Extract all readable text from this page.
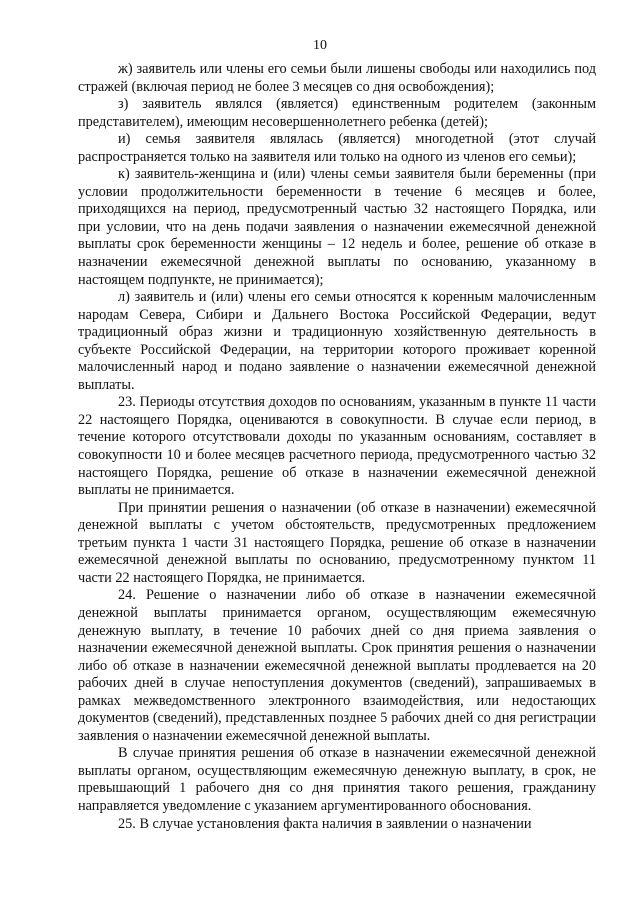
10

ж) заявитель или члены его семьи были лишены свободы или находились под стражей (включая период не более 3 месяцев со дня освобождения);

з) заявитель являлся (является) единственным родителем (законным представителем), имеющим несовершеннолетнего ребенка (детей);

и) семья заявителя являлась (является) многодетной (этот случай распространяется только на заявителя или только на одного из членов его семьи);

к) заявитель-женщина и (или) члены семьи заявителя были беременны (при условии продолжительности беременности в течение 6 месяцев и более, приходящихся на период, предусмотренный частью 32 настоящего Порядка, или при условии, что на день подачи заявления о назначении ежемесячной денежной выплаты срок беременности женщины – 12 недель и более, решение об отказе в назначении ежемесячной денежной выплаты по основанию, указанному в настоящем подпункте, не принимается);

л) заявитель и (или) члены его семьи относятся к коренным малочисленным народам Севера, Сибири и Дальнего Востока Российской Федерации, ведут традиционный образ жизни и традиционную хозяйственную деятельность в субъекте Российской Федерации, на территории которого проживает коренной малочисленный народ и подано заявление о назначении ежемесячной денежной выплаты.

23. Периоды отсутствия доходов по основаниям, указанным в пункте 11 части 22 настоящего Порядка, оцениваются в совокупности. В случае если период, в течение которого отсутствовали доходы по указанным основаниям, составляет в совокупности 10 и более месяцев расчетного периода, предусмотренного частью 32 настоящего Порядка, решение об отказе в назначении ежемесячной денежной выплаты не принимается.

При принятии решения о назначении (об отказе в назначении) ежемесячной денежной выплаты с учетом обстоятельств, предусмотренных предложением третьим пункта 1 части 31 настоящего Порядка, решение об отказе в назначении ежемесячной денежной выплаты по основанию, предусмотренному пунктом 11 части 22 настоящего Порядка, не принимается.

24. Решение о назначении либо об отказе в назначении ежемесячной денежной выплаты принимается органом, осуществляющим ежемесячную денежную выплату, в течение 10 рабочих дней со дня приема заявления о назначении ежемесячной денежной выплаты. Срок принятия решения о назначении либо об отказе в назначении ежемесячной денежной выплаты продлевается на 20 рабочих дней в случае непоступления документов (сведений), запрашиваемых в рамках межведомственного электронного взаимодействия, или недостающих документов (сведений), представленных позднее 5 рабочих дней со дня регистрации заявления о назначении ежемесячной денежной выплаты.

В случае принятия решения об отказе в назначении ежемесячной денежной выплаты органом, осуществляющим ежемесячную денежную выплату, в срок, не превышающий 1 рабочего дня со дня принятия такого решения, гражданину направляется уведомление с указанием аргументированного обоснования.

25. В случае установления факта наличия в заявлении о назначении
